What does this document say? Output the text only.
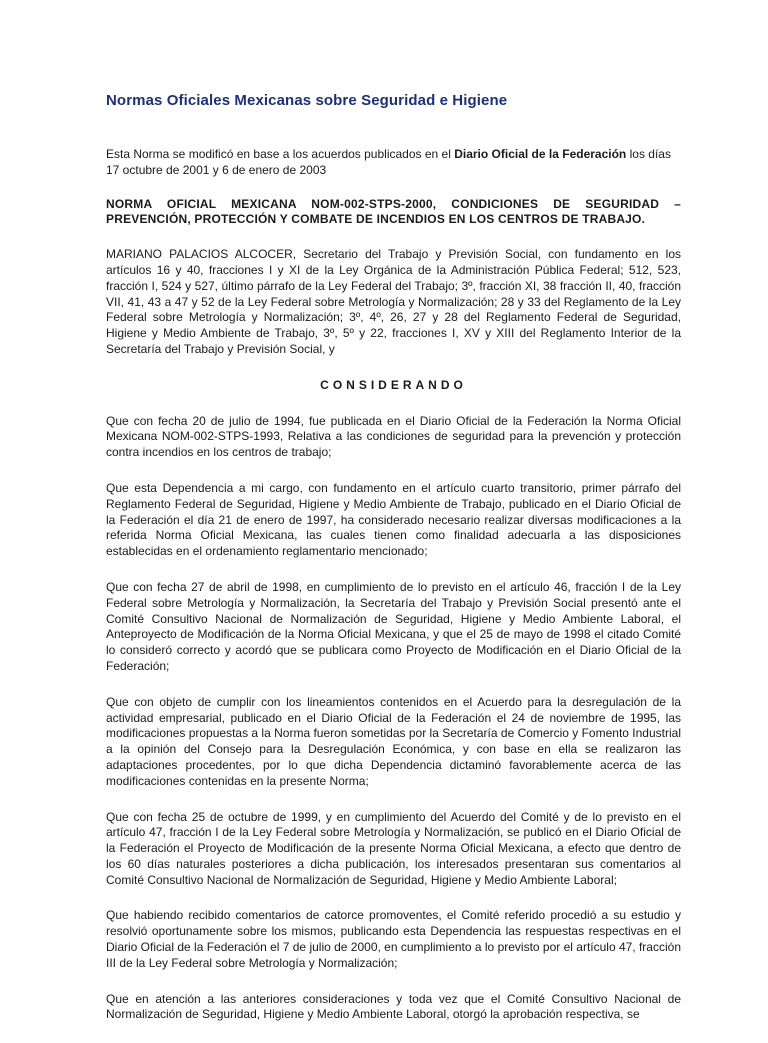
Normas Oficiales Mexicanas sobre Seguridad e Higiene

Esta Norma se modificó en base a los acuerdos publicados en el Diario Oficial de la Federación los días 17 octubre de 2001 y 6 de enero de 2003

NORMA OFICIAL MEXICANA NOM-002-STPS-2000, CONDICIONES DE SEGURIDAD – PREVENCIÓN, PROTECCIÓN Y COMBATE DE INCENDIOS EN LOS CENTROS DE TRABAJO.

MARIANO PALACIOS ALCOCER, Secretario del Trabajo y Previsión Social, con fundamento en los artículos 16 y 40, fracciones I y XI de la Ley Orgánica de la Administración Pública Federal; 512, 523, fracción I, 524 y 527, último párrafo de la Ley Federal del Trabajo; 3º, fracción XI, 38 fracción II, 40, fracción VII, 41, 43 a 47 y 52 de la Ley Federal sobre Metrología y Normalización; 28 y 33 del Reglamento de la Ley Federal sobre Metrología y Normalización; 3º, 4º, 26, 27 y 28 del Reglamento Federal de Seguridad, Higiene y Medio Ambiente de Trabajo, 3º, 5º y 22, fracciones I, XV y XIII del Reglamento Interior de la Secretaría del Trabajo y Previsión Social, y

CONSIDERANDO

Que con fecha 20 de julio de 1994, fue publicada en el Diario Oficial de la Federación la Norma Oficial Mexicana NOM-002-STPS-1993, Relativa a las condiciones de seguridad para la prevención y protección contra incendios en los centros de trabajo;

Que esta Dependencia a mi cargo, con fundamento en el artículo cuarto transitorio, primer párrafo del Reglamento Federal de Seguridad, Higiene y Medio Ambiente de Trabajo, publicado en el Diario Oficial de la Federación el día 21 de enero de 1997, ha considerado necesario realizar diversas modificaciones a la referida Norma Oficial Mexicana, las cuales tienen como finalidad adecuarla a las disposiciones establecidas en el ordenamiento reglamentario mencionado;

Que con fecha 27 de abril de 1998, en cumplimiento de lo previsto en el artículo 46, fracción I de la Ley Federal sobre Metrología y Normalización, la Secretaría del Trabajo y Previsión Social presentó ante el Comité Consultivo Nacional de Normalización de Seguridad, Higiene y Medio Ambiente Laboral, el Anteproyecto de Modificación de la Norma Oficial Mexicana, y que el 25 de mayo de 1998 el citado Comité lo consideró correcto y acordó que se publicara como Proyecto de Modificación en el Diario Oficial de la Federación;

Que con objeto de cumplir con los lineamientos contenidos en el Acuerdo para la desregulación de la actividad empresarial, publicado en el Diario Oficial de la Federación el 24 de noviembre de 1995, las modificaciones propuestas a la Norma fueron sometidas por la Secretaría de Comercio y Fomento Industrial a la opinión del Consejo para la Desregulación Económica, y con base en ella se realizaron las adaptaciones procedentes, por lo que dicha Dependencia dictaminó favorablemente acerca de las modificaciones contenidas en la presente Norma;

Que con fecha 25 de octubre de 1999, y en cumplimiento del Acuerdo del Comité y de lo previsto en el artículo 47, fracción I de la Ley Federal sobre Metrología y Normalización, se publicó en el Diario Oficial de la Federación el Proyecto de Modificación de la presente Norma Oficial Mexicana, a efecto que dentro de los 60 días naturales posteriores a dicha publicación, los interesados presentaran sus comentarios al Comité Consultivo Nacional de Normalización de Seguridad, Higiene y Medio Ambiente Laboral;

Que habiendo recibido comentarios de catorce promoventes, el Comité referido procedió a su estudio y resolvió oportunamente sobre los mismos, publicando esta Dependencia las respuestas respectivas en el Diario Oficial de la Federación el 7 de julio de 2000, en cumplimiento a lo previsto por el artículo 47, fracción III de la Ley Federal sobre Metrología y Normalización;

Que en atención a las anteriores consideraciones y toda vez que el Comité Consultivo Nacional de Normalización de Seguridad, Higiene y Medio Ambiente Laboral, otorgó la aprobación respectiva, se
